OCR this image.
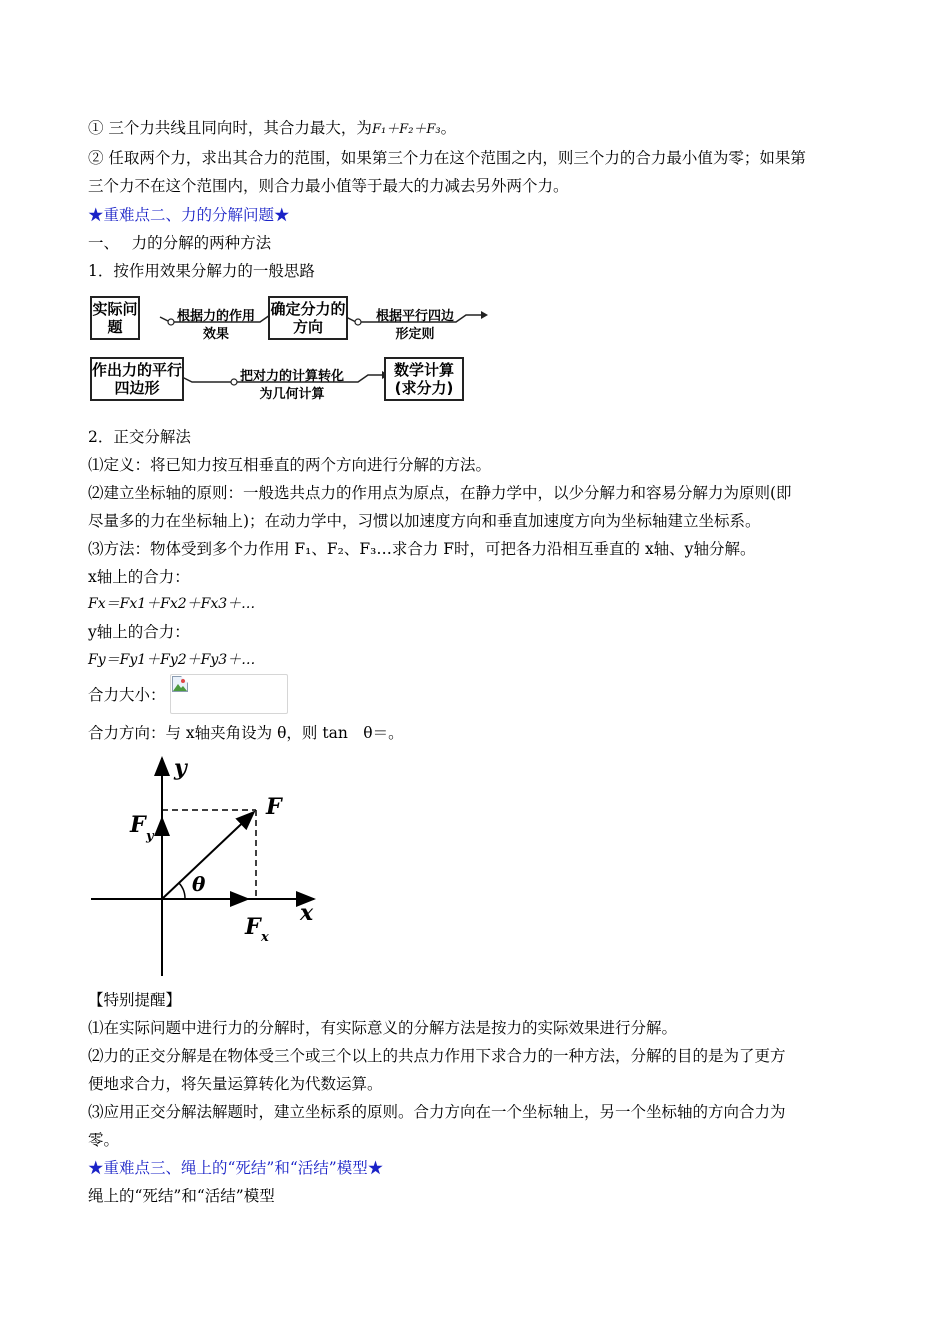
① 三个力共线且同向时，其合力最大，为F₁＋F₂＋F₃。
② 任取两个力，求出其合力的范围，如果第三个力在这个范围之内，则三个力的合力最小值为零；如果第
三个力不在这个范围内，则合力最小值等于最大的力减去另外两个力。
★重难点二、力的分解问题★
一、　 力的分解的两种方法
1．按作用效果分解力的一般思路
实际问题
根据力的作用效果
确定分力的方向
根据平行四边形定则
作出力的平行四边形
把对力的计算转化为几何计算
数学计算(求分力)
2．正交分解法
⑴定义：将已知力按互相垂直的两个方向进行分解的方法。
⑵建立坐标轴的原则：一般选共点力的作用点为原点，在静力学中，以少分解力和容易分解力为原则(即
尽量多的力在坐标轴上)；在动力学中，习惯以加速度方向和垂直加速度方向为坐标轴建立坐标系。
⑶方法：物体受到多个力作用 F₁、F₂、F₃…求合力 F时，可把各力沿相互垂直的 x轴、y轴分解。
x轴上的合力：
Fx＝Fx1＋Fx2＋Fx3＋…
y轴上的合力：
Fy＝Fy1＋Fy2＋Fy3＋…
合力大小：
合力方向：与 x轴夹角设为 θ，则 tan　θ＝。
y
x
F y
F x
F
θ
【特别提醒】
⑴在实际问题中进行力的分解时，有实际意义的分解方法是按力的实际效果进行分解。
⑵力的正交分解是在物体受三个或三个以上的共点力作用下求合力的一种方法，分解的目的是为了更方
便地求合力，将矢量运算转化为代数运算。
⑶应用正交分解法解题时，建立坐标系的原则。合力方向在一个坐标轴上，另一个坐标轴的方向合力为
零。
★重难点三、绳上的“死结”和“活结”模型★
绳上的“死结”和“活结”模型
